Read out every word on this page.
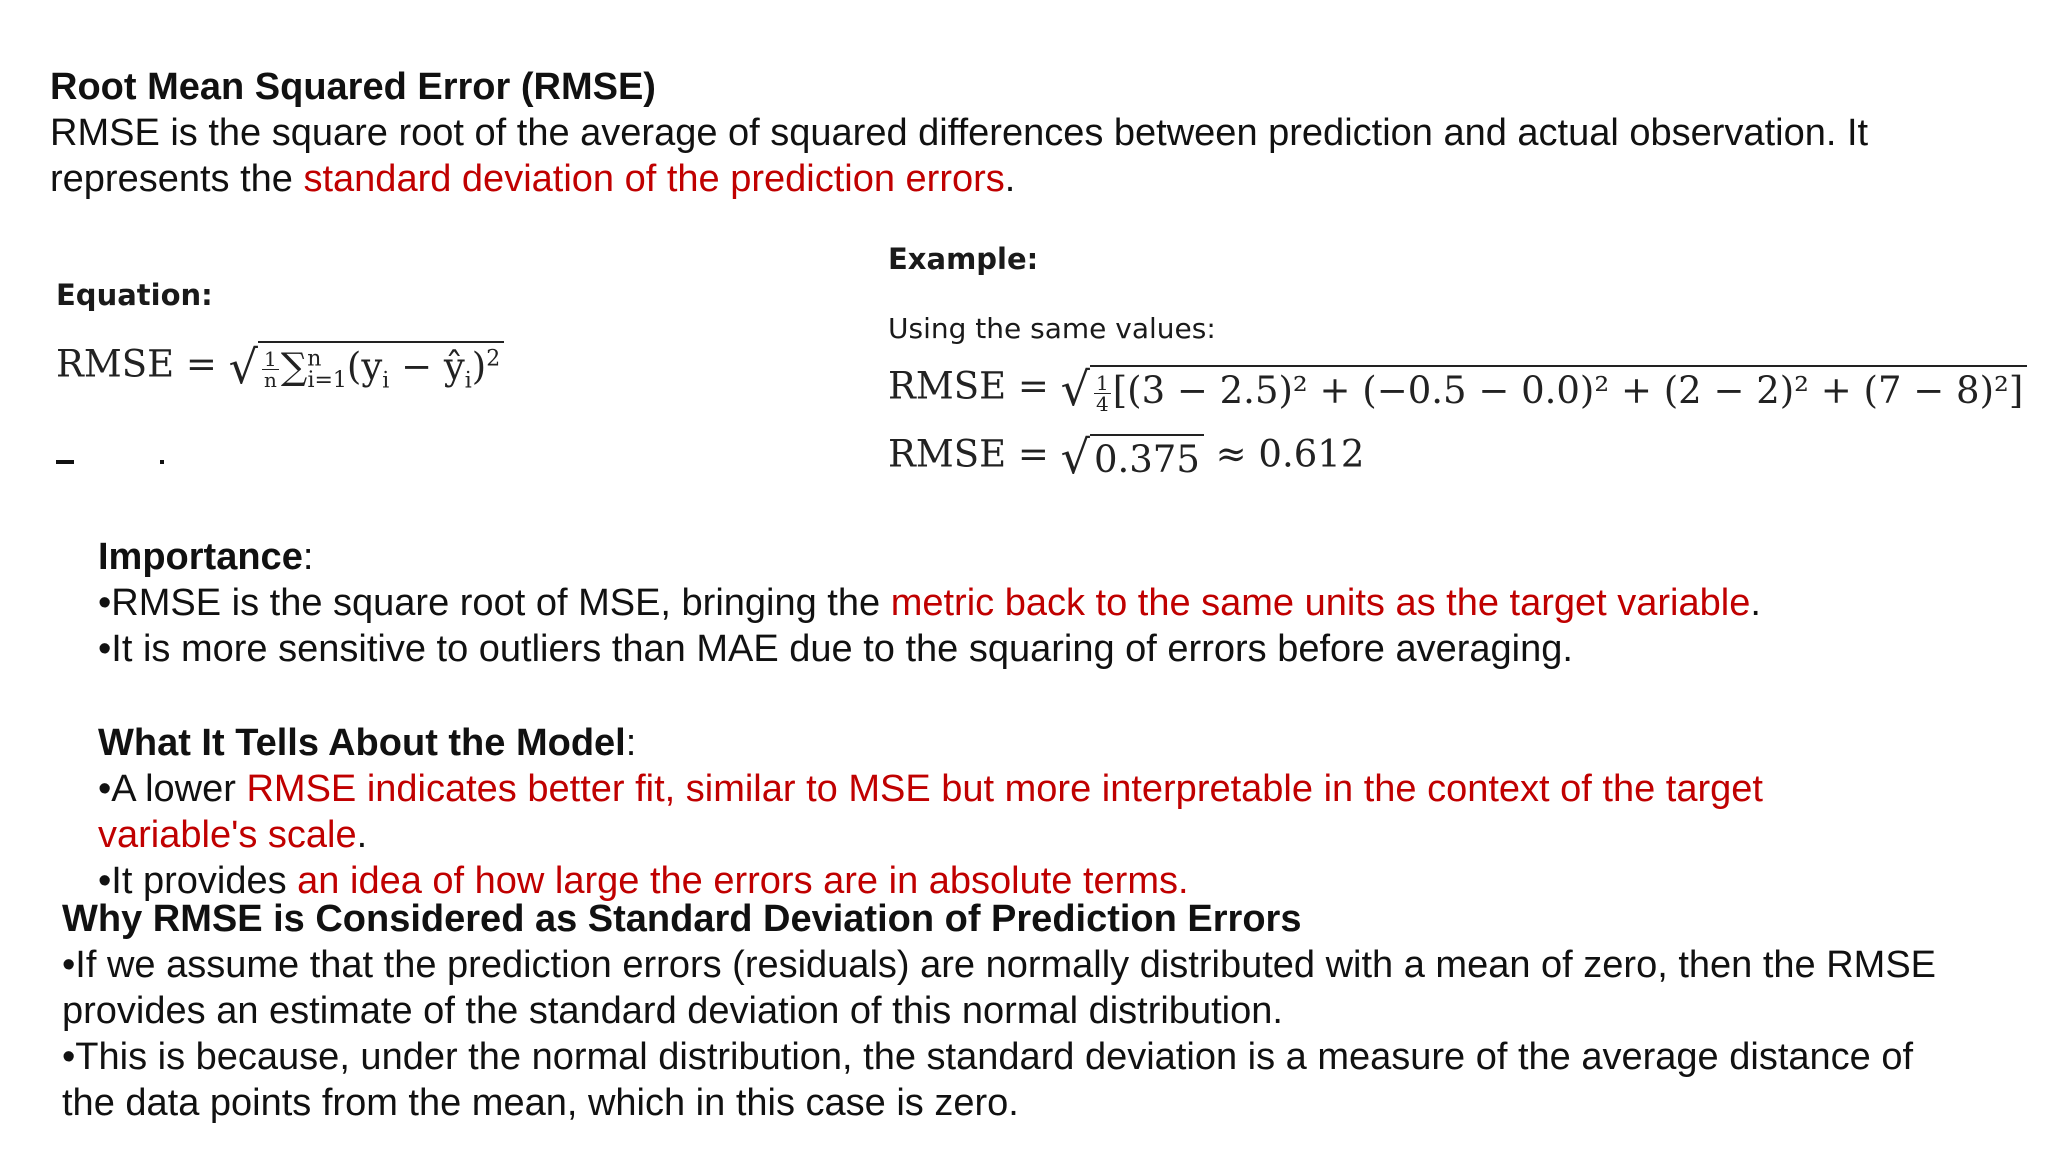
Root Mean Squared Error (RMSE)
RMSE is the square root of the average of squared differences between prediction and actual observation. It
represents the standard deviation of the prediction errors.
Equation:
RMSE = √ $\frac{1}{n} \sum^n_{i=1}(y_i$ − $ŷ_i)^2$
Example:
Using the same values:
RMSE = √ $\frac{1}{4} [(3 - 2.5)^2 + (-0.5 - 0.0)^2 + (2 - 2)^2 + (7 - 8)^2]$
RMSE = √ 0.375 ≈ 0.612
Importance:
•RMSE is the square root of MSE, bringing the metric back to the same units as the target variable.
•It is more sensitive to outliers than MAE due to the squaring of errors before averaging.
What It Tells About the Model:
•A lower RMSE indicates better fit, similar to MSE but more interpretable in the context of the target
variable's scale.
•It provides an idea of how large the errors are in absolute terms.
Why RMSE is Considered as Standard Deviation of Prediction Errors
•If we assume that the prediction errors (residuals) are normally distributed with a mean of zero, then the RMSE
provides an estimate of the standard deviation of this normal distribution.
•This is because, under the normal distribution, the standard deviation is a measure of the average distance of
the data points from the mean, which in this case is zero.
